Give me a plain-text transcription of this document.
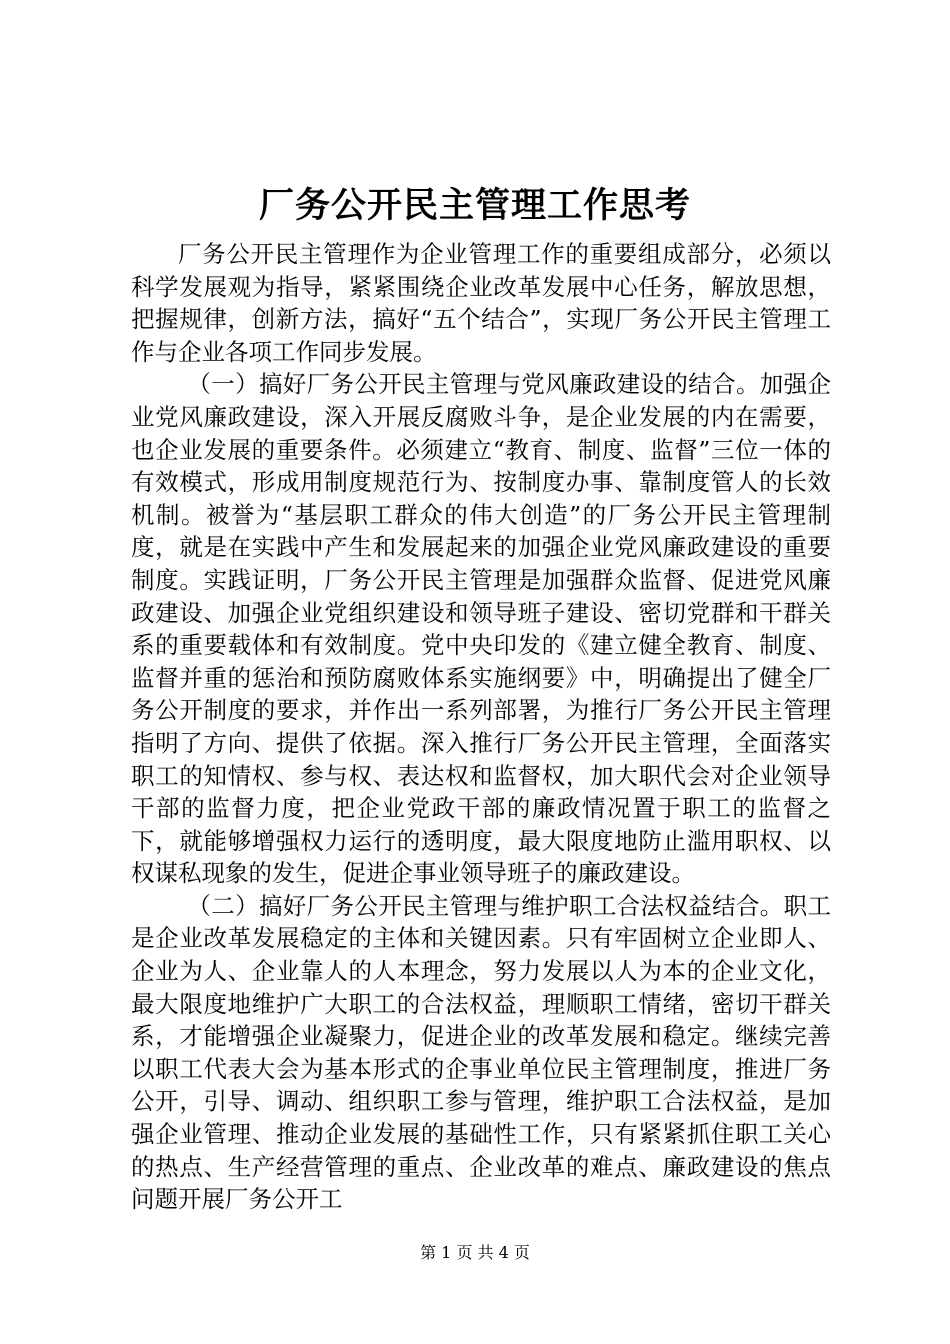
厂务公开民主管理工作思考

厂务公开民主管理作为企业管理工作的重要组成部分，必须以科学发展观为指导，紧紧围绕企业改革发展中心任务，解放思想，把握规律，创新方法，搞好“五个结合”，实现厂务公开民主管理工作与企业各项工作同步发展。

（一）搞好厂务公开民主管理与党风廉政建设的结合。加强企业党风廉政建设，深入开展反腐败斗争，是企业发展的内在需要，也企业发展的重要条件。必须建立“教育、制度、监督”三位一体的有效模式，形成用制度规范行为、按制度办事、靠制度管人的长效机制。被誉为“基层职工群众的伟大创造”的厂务公开民主管理制度，就是在实践中产生和发展起来的加强企业党风廉政建设的重要制度。实践证明，厂务公开民主管理是加强群众监督、促进党风廉政建设、加强企业党组织建设和领导班子建设、密切党群和干群关系的重要载体和有效制度。党中央印发的《建立健全教育、制度、监督并重的惩治和预防腐败体系实施纲要》中，明确提出了健全厂务公开制度的要求，并作出一系列部署，为推行厂务公开民主管理指明了方向、提供了依据。深入推行厂务公开民主管理，全面落实职工的知情权、参与权、表达权和监督权，加大职代会对企业领导干部的监督力度，把企业党政干部的廉政情况置于职工的监督之下，就能够增强权力运行的透明度，最大限度地防止滥用职权、以权谋私现象的发生，促进企事业领导班子的廉政建设。

（二）搞好厂务公开民主管理与维护职工合法权益结合。职工是企业改革发展稳定的主体和关键因素。只有牢固树立企业即人、企业为人、企业靠人的人本理念，努力发展以人为本的企业文化，最大限度地维护广大职工的合法权益，理顺职工情绪，密切干群关系，才能增强企业凝聚力，促进企业的改革发展和稳定。继续完善以职工代表大会为基本形式的企事业单位民主管理制度，推进厂务公开，引导、调动、组织职工参与管理，维护职工合法权益，是加强企业管理、推动企业发展的基础性工作，只有紧紧抓住职工关心的热点、生产经营管理的重点、企业改革的难点、廉政建设的焦点问题开展厂务公开工

第 1 页 共 4 页
